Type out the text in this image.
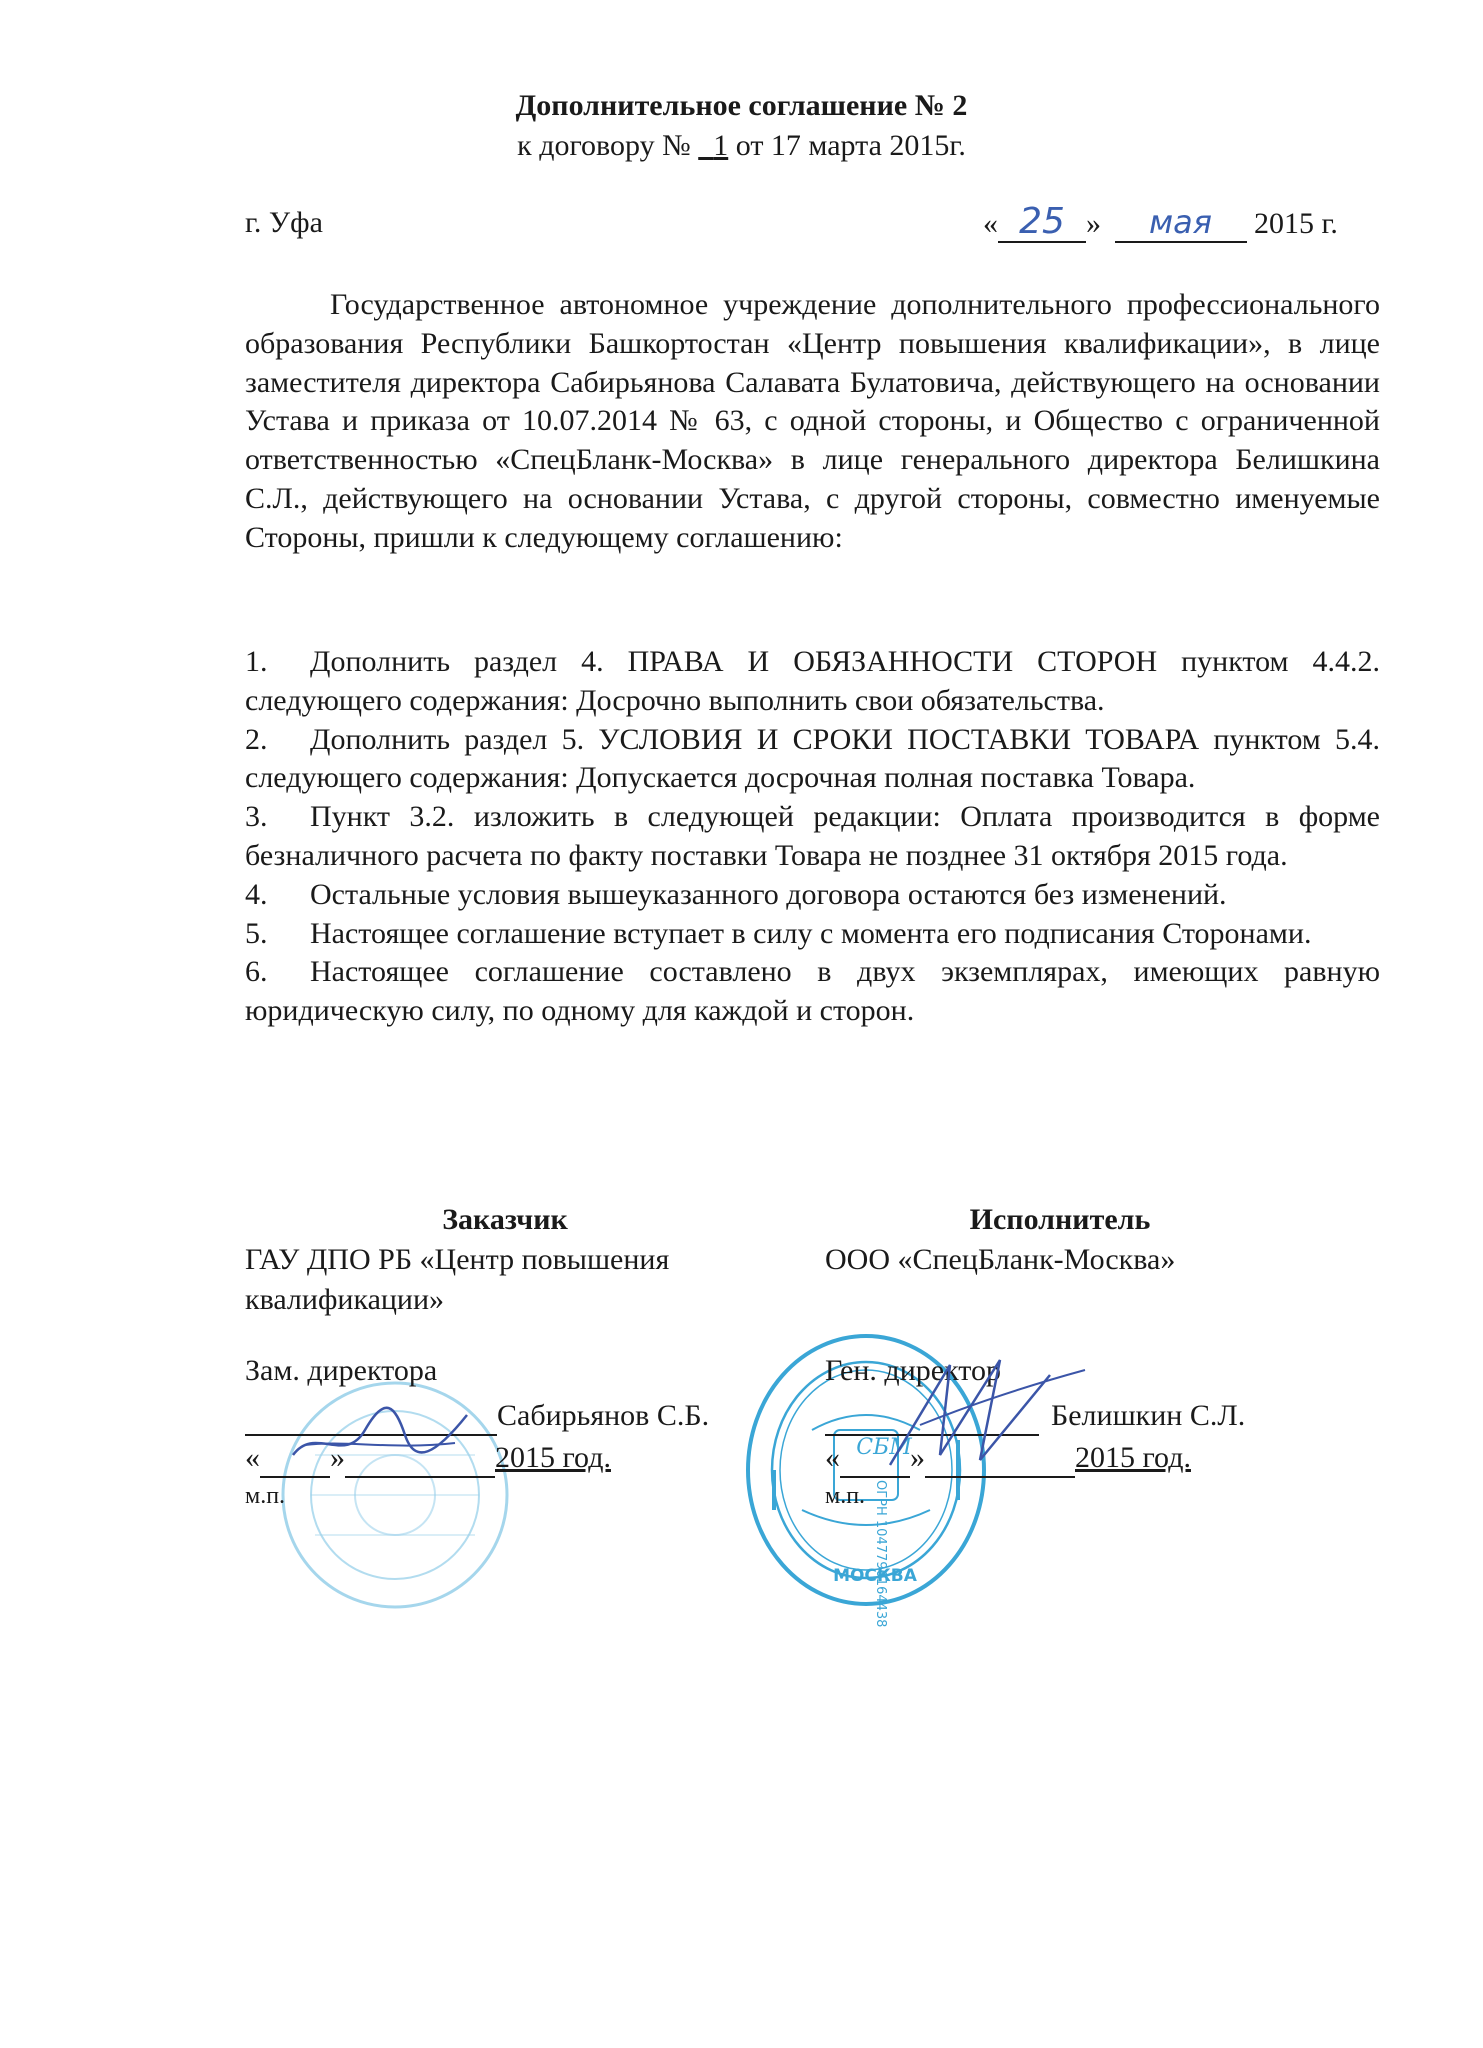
Дополнительное соглашение № 2
к договору № 1 от 17 марта 2015г.
г. Уфа	« 25 » мая 2015 г.

Государственное автономное учреждение дополнительного профессионального образования Республики Башкортостан «Центр повышения квалификации», в лице заместителя директора Сабирьянова Салавата Булатовича, действующего на основании Устава и приказа от 10.07.2014 № 63, с одной стороны, и Общество с ограниченной ответственностью «СпецБланк-Москва» в лице генерального директора Белишкина С.Л., действующего на основании Устава, с другой стороны, совместно именуемые Стороны, пришли к следующему соглашению:

1. Дополнить раздел 4. ПРАВА И ОБЯЗАННОСТИ СТОРОН пунктом 4.4.2. следующего содержания: Досрочно выполнить свои обязательства.

2. Дополнить раздел 5. УСЛОВИЯ И СРОКИ ПОСТАВКИ ТОВАРА пунктом 5.4. следующего содержания: Допускается досрочная полная поставка Товара.

3. Пункт 3.2. изложить в следующей редакции: Оплата производится в форме безналичного расчета по факту поставки Товара не позднее 31 октября 2015 года.

4. Остальные условия вышеуказанного договора остаются без изменений.

5. Настоящее соглашение вступает в силу с момента его подписания Сторонами.

6. Настоящее соглашение составлено в двух экземплярах, имеющих равную юридическую силу, по одному для каждой и сторон.

Заказчик
ГАУ ДПО РБ «Центр повышения квалификации»
Исполнитель
ООО «СпецБланк-Москва»
СБМ
МОСКВА
ОГРН 1047796164438
Зам. директора
Сабирьянов С.Б.
« »	2015 год.
м.п.
Ген. директор
Белишкин С.Л.
« »	2015 год.
м.п.
